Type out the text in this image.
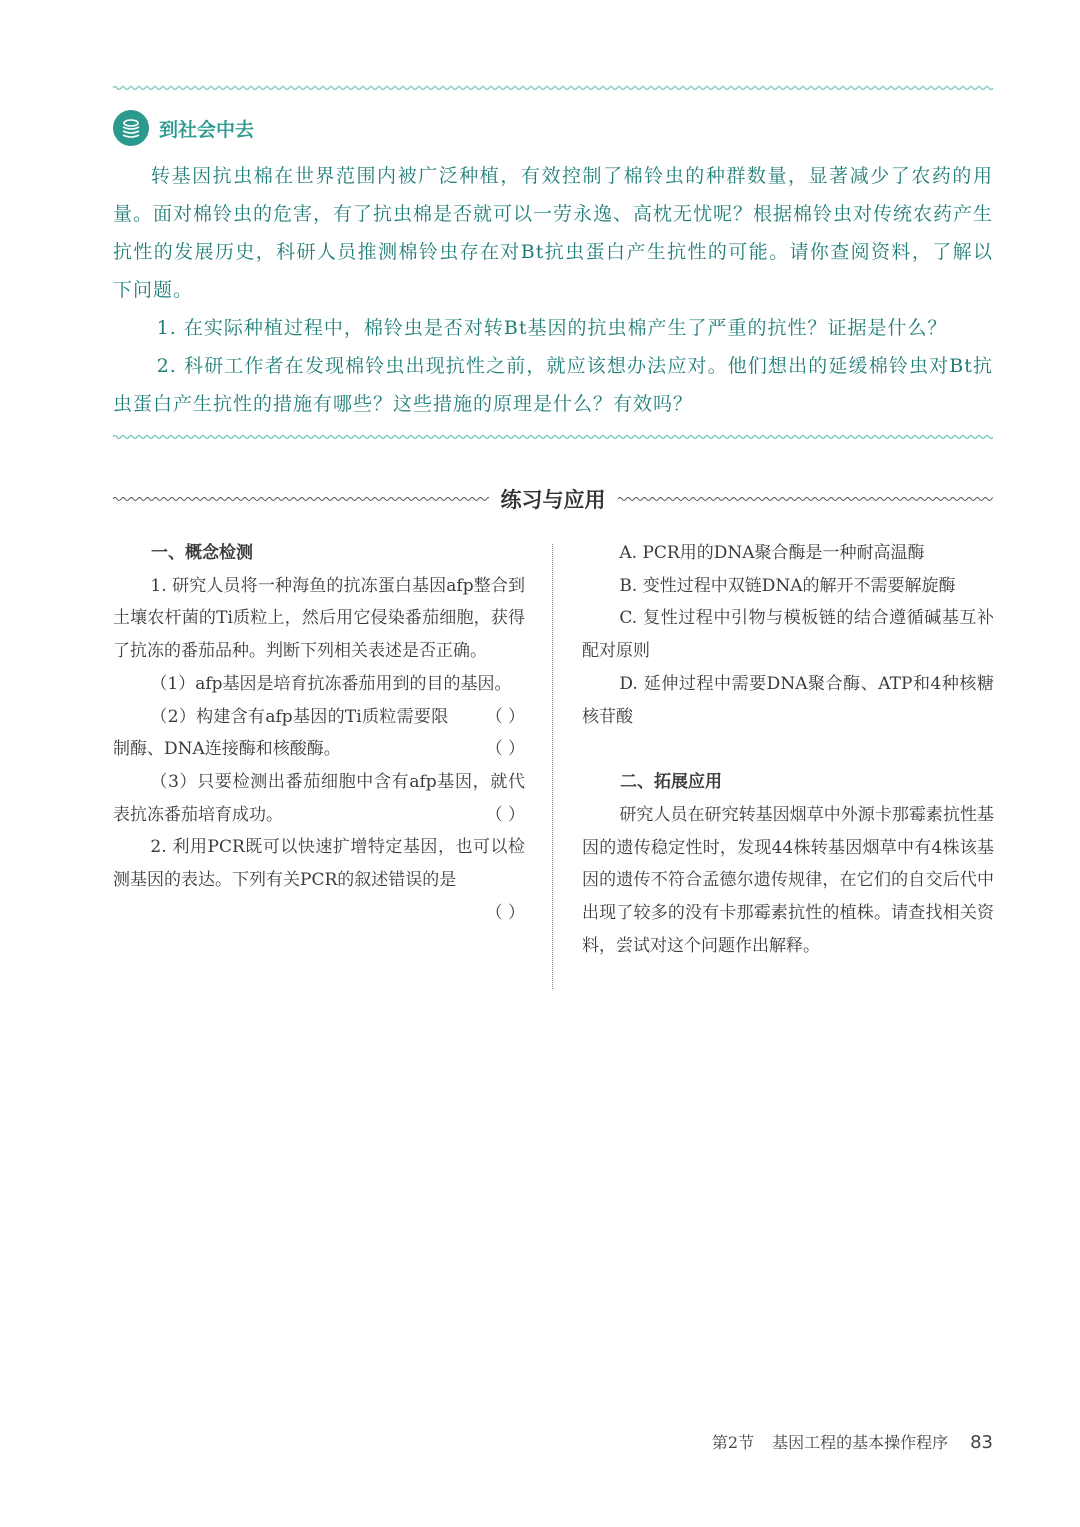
到社会中去

转基因抗虫棉在世界范围内被广泛种植，有效控制了棉铃虫的种群数量，显著减少了农药的用量。面对棉铃虫的危害，有了抗虫棉是否就可以一劳永逸、高枕无忧呢？根据棉铃虫对传统农药产生抗性的发展历史，科研人员推测棉铃虫存在对Bt抗虫蛋白产生抗性的可能。请你查阅资料，了解以下问题。

1. 在实际种植过程中，棉铃虫是否对转Bt基因的抗虫棉产生了严重的抗性？证据是什么？

2. 科研工作者在发现棉铃虫出现抗性之前，就应该想办法应对。他们想出的延缓棉铃虫对Bt抗虫蛋白产生抗性的措施有哪些？这些措施的原理是什么？有效吗？

练习与应用

一、概念检测

1. 研究人员将一种海鱼的抗冻蛋白基因afp整合到土壤农杆菌的Ti质粒上，然后用它侵染番茄细胞，获得了抗冻的番茄品种。判断下列相关表述是否正确。

（1）afp基因是培育抗冻番茄用到的目的基因。
（ ）

（2）构建含有afp基因的Ti质粒需要限制酶、DNA连接酶和核酸酶。	（ ）

（3）只要检测出番茄细胞中含有afp基因，就代表抗冻番茄培育成功。	（ ）

2. 利用PCR既可以快速扩增特定基因，也可以检测基因的表达。下列有关PCR的叙述错误的是
（ ）

A. PCR用的DNA聚合酶是一种耐高温酶

B. 变性过程中双链DNA的解开不需要解旋酶

C. 复性过程中引物与模板链的结合遵循碱基互补配对原则

D. 延伸过程中需要DNA聚合酶、ATP和4种核糖核苷酸

二、拓展应用

研究人员在研究转基因烟草中外源卡那霉素抗性基因的遗传稳定性时，发现44株转基因烟草中有4株该基因的遗传不符合孟德尔遗传规律，在它们的自交后代中出现了较多的没有卡那霉素抗性的植株。请查找相关资料，尝试对这个问题作出解释。

第2节 基因工程的基本操作程序 83
